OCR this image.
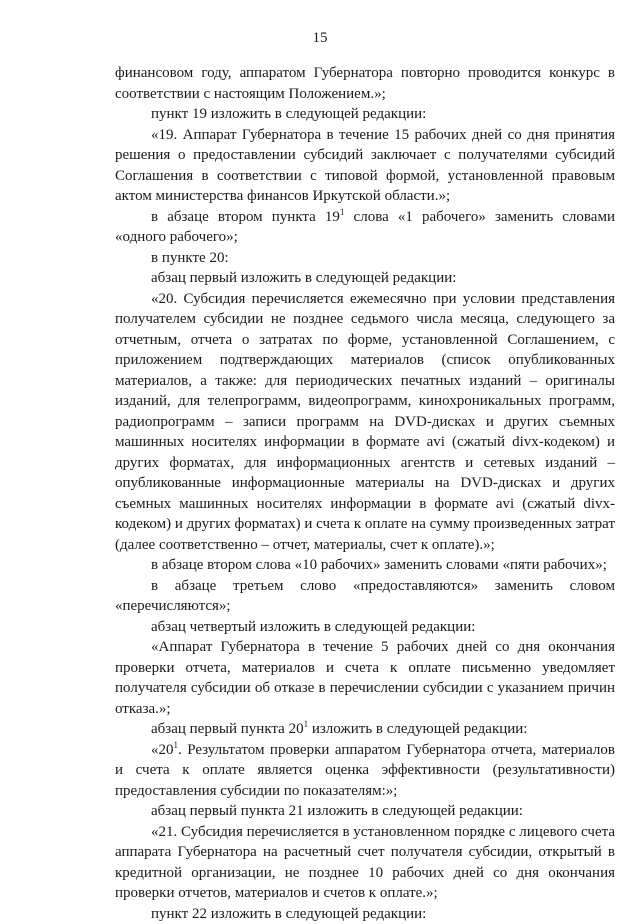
15

финансовом году, аппаратом Губернатора повторно проводится конкурс в соответствии с настоящим Положением.»;

пункт 19 изложить в следующей редакции:

«19. Аппарат Губернатора в течение 15 рабочих дней со дня принятия решения о предоставлении субсидий заключает с получателями субсидий Соглашения в соответствии с типовой формой, установленной правовым актом министерства финансов Иркутской области.»;

в абзаце втором пункта $19^1$ слова «1 рабочего» заменить словами «одного рабочего»;

в пункте 20:

абзац первый изложить в следующей редакции:

«20. Субсидия перечисляется ежемесячно при условии представления получателем субсидии не позднее седьмого числа месяца, следующего за отчетным, отчета о затратах по форме, установленной Соглашением, с приложением подтверждающих материалов (список опубликованных материалов, а также: для периодических печатных изданий – оригиналы изданий, для телепрограмм, видеопрограмм, кинохроникальных программ, радиопрограмм – записи программ на DVD-дисках и других съемных машинных носителях информации в формате avi (сжатый divx-кодеком) и других форматах, для информационных агентств и сетевых изданий – опубликованные информационные материалы на DVD-дисках и других съемных машинных носителях информации в формате avi (сжатый divx-кодеком) и других форматах) и счета к оплате на сумму произведенных затрат (далее соответственно – отчет, материалы, счет к оплате).»;

в абзаце втором слова «10 рабочих» заменить словами «пяти рабочих»;

в абзаце третьем слово «предоставляются» заменить словом «перечисляются»;

абзац четвертый изложить в следующей редакции:

«Аппарат Губернатора в течение 5 рабочих дней со дня окончания проверки отчета, материалов и счета к оплате письменно уведомляет получателя субсидии об отказе в перечислении субсидии с указанием причин отказа.»;

абзац первый пункта $20^1$ изложить в следующей редакции:

«$20^1$. Результатом проверки аппаратом Губернатора отчета, материалов и счета к оплате является оценка эффективности (результативности) предоставления субсидии по показателям:»;

абзац первый пункта 21 изложить в следующей редакции:

«21. Субсидия перечисляется в установленном порядке с лицевого счета аппарата Губернатора на расчетный счет получателя субсидии, открытый в кредитной организации, не позднее 10 рабочих дней со дня окончания проверки отчетов, материалов и счетов к оплате.»;

пункт 22 изложить в следующей редакции:
